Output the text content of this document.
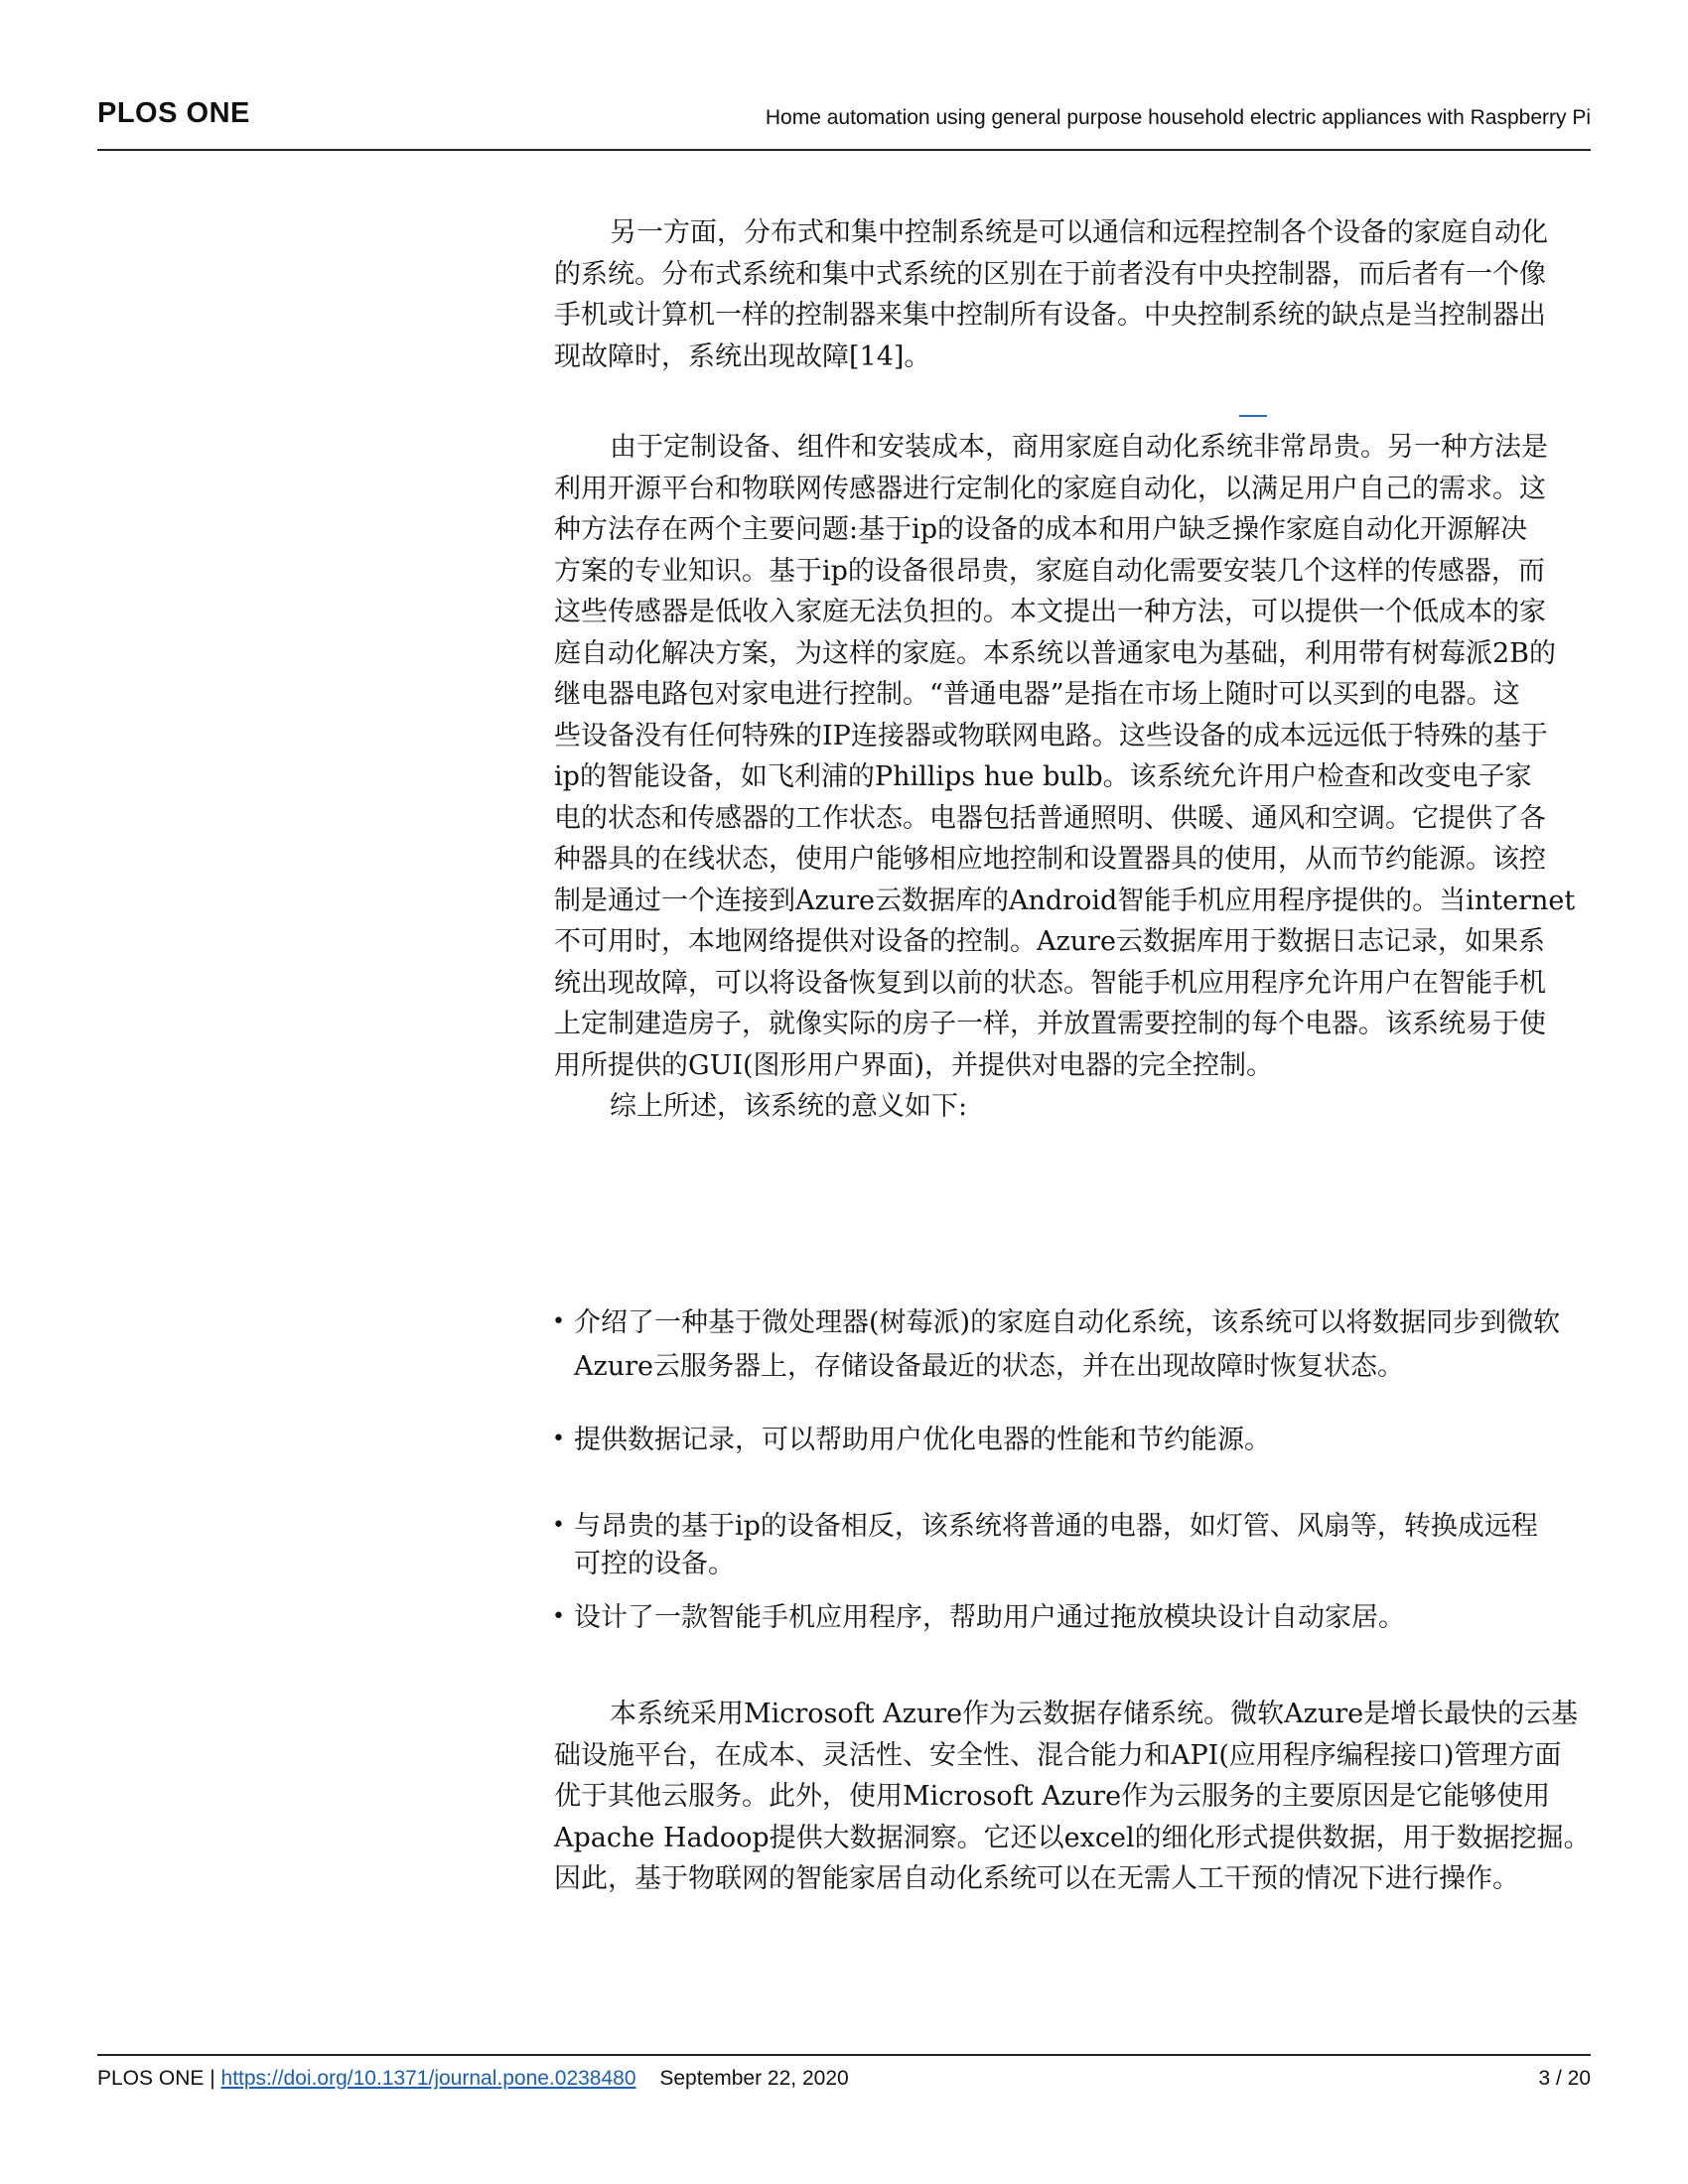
PLOS ONE	Home automation using general purpose household electric appliances with Raspberry Pi
另一方面，分布式和集中控制系统是可以通信和远程控制各个设备的家庭自动化
的系统。分布式系统和集中式系统的区别在于前者没有中央控制器，而后者有一个像
手机或计算机一样的控制器来集中控制所有设备。中央控制系统的缺点是当控制器出
现故障时，系统出现故障[14]。
由于定制设备、组件和安装成本，商用家庭自动化系统非常昂贵。另一种方法是
利用开源平台和物联网传感器进行定制化的家庭自动化，以满足用户自己的需求。这
种方法存在两个主要问题:基于ip的设备的成本和用户缺乏操作家庭自动化开源解决
方案的专业知识。基于ip的设备很昂贵，家庭自动化需要安装几个这样的传感器，而
这些传感器是低收入家庭无法负担的。本文提出一种方法，可以提供一个低成本的家
庭自动化解决方案，为这样的家庭。本系统以普通家电为基础，利用带有树莓派2B的
继电器电路包对家电进行控制。“普通电器”是指在市场上随时可以买到的电器。这
些设备没有任何特殊的IP连接器或物联网电路。这些设备的成本远远低于特殊的基于
ip的智能设备，如飞利浦的Phillips hue bulb。该系统允许用户检查和改变电子家
电的状态和传感器的工作状态。电器包括普通照明、供暖、通风和空调。它提供了各
种器具的在线状态，使用户能够相应地控制和设置器具的使用，从而节约能源。该控
制是通过一个连接到Azure云数据库的Android智能手机应用程序提供的。当internet
不可用时，本地网络提供对设备的控制。Azure云数据库用于数据日志记录，如果系
统出现故障，可以将设备恢复到以前的状态。智能手机应用程序允许用户在智能手机
上定制建造房子，就像实际的房子一样，并放置需要控制的每个电器。该系统易于使
用所提供的GUI(图形用户界面)，并提供对电器的完全控制。
综上所述，该系统的意义如下:
• 介绍了一种基于微处理器(树莓派)的家庭自动化系统，该系统可以将数据同步到微软
Azure云服务器上，存储设备最近的状态，并在出现故障时恢复状态。
• 提供数据记录，可以帮助用户优化电器的性能和节约能源。
• 与昂贵的基于ip的设备相反，该系统将普通的电器，如灯管、风扇等，转换成远程
可控的设备。
• 设计了一款智能手机应用程序，帮助用户通过拖放模块设计自动家居。
本系统采用Microsoft Azure作为云数据存储系统。微软Azure是增长最快的云基
础设施平台，在成本、灵活性、安全性、混合能力和API(应用程序编程接口)管理方面
优于其他云服务。此外，使用Microsoft Azure作为云服务的主要原因是它能够使用
Apache Hadoop提供大数据洞察。它还以excel的细化形式提供数据，用于数据挖掘。
因此，基于物联网的智能家居自动化系统可以在无需人工干预的情况下进行操作。
PLOS ONE | https://doi.org/10.1371/journal.pone.0238480 September 22, 2020	3 / 20
